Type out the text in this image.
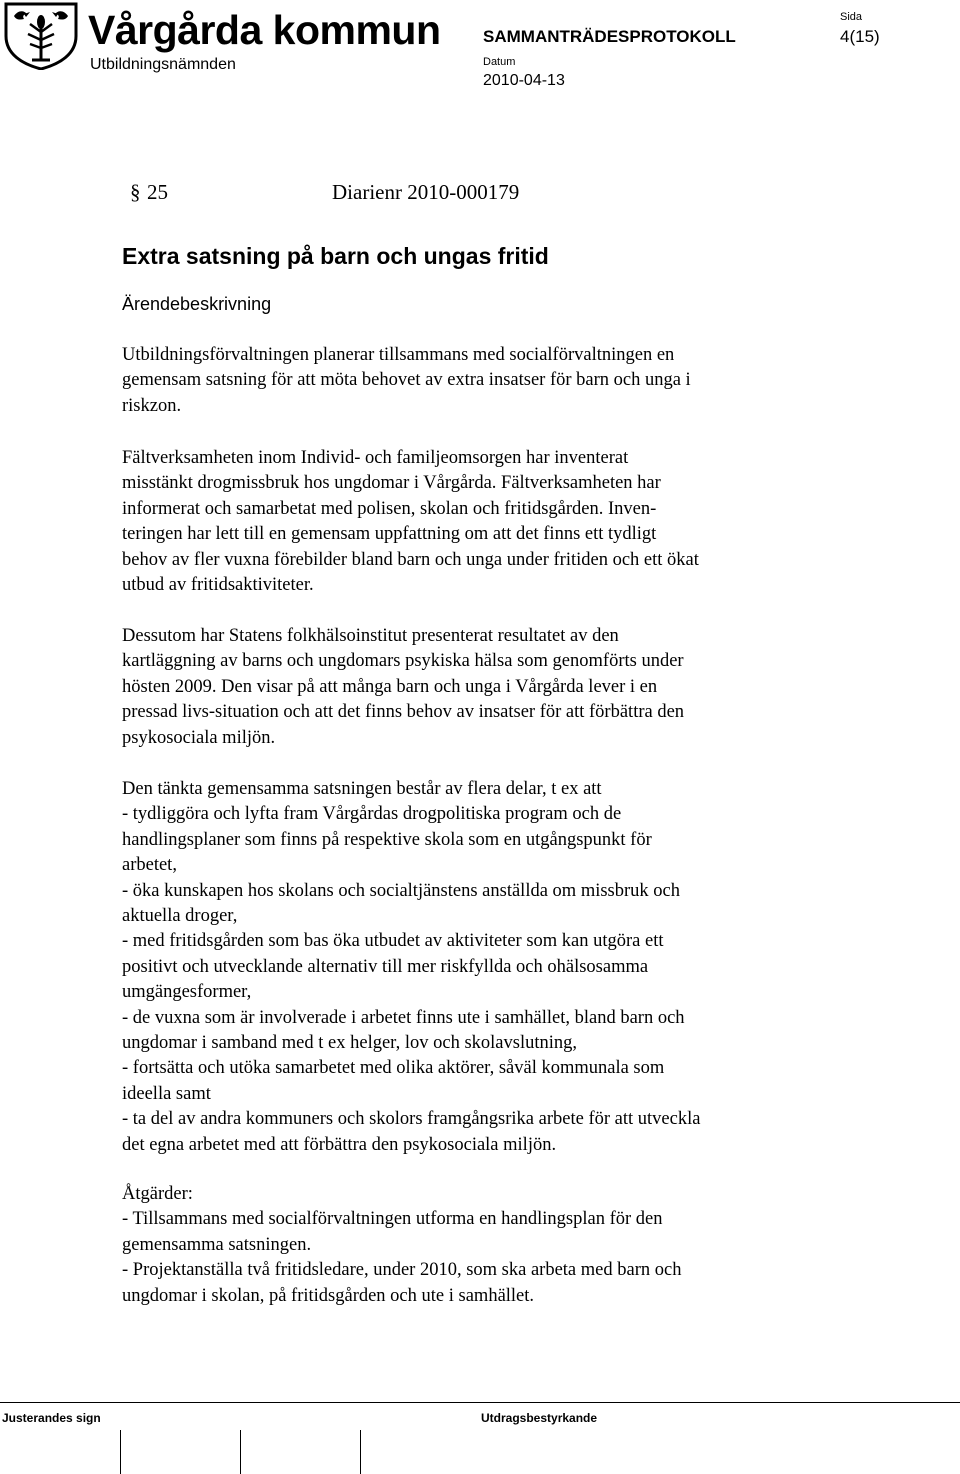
Vårgårda kommun
Utbildningsnämnden
SAMMANTRÄDESPROTOKOLL
Datum
2010-04-13
Sida
4(15)
§ 25	Diarienr 2010-000179
Extra satsning på barn och ungas fritid
Ärendebeskrivning
Utbildningsförvaltningen planerar tillsammans med socialförvaltningen en
gemensam satsning för att möta behovet av extra insatser för barn och unga i
riskzon.
Fältverksamheten inom Individ- och familjeomsorgen har inventerat
misstänkt drogmissbruk hos ungdomar i Vårgårda. Fältverksamheten har
informerat och samarbetat med polisen, skolan och fritidsgården. Inven-
teringen har lett till en gemensam uppfattning om att det finns ett tydligt
behov av fler vuxna förebilder bland barn och unga under fritiden och ett ökat
utbud av fritidsaktiviteter.
Dessutom har Statens folkhälsoinstitut presenterat resultatet av den
kartläggning av barns och ungdomars psykiska hälsa som genomförts under
hösten 2009. Den visar på att många barn och unga i Vårgårda lever i en
pressad livs-situation och att det finns behov av insatser för att förbättra den
psykosociala miljön.
Den tänkta gemensamma satsningen består av flera delar, t ex att
- tydliggöra och lyfta fram Vårgårdas drogpolitiska program och de
handlingsplaner som finns på respektive skola som en utgångspunkt för
arbetet,
- öka kunskapen hos skolans och socialtjänstens anställda om missbruk och
aktuella droger,
- med fritidsgården som bas öka utbudet av aktiviteter som kan utgöra ett
positivt och utvecklande alternativ till mer riskfyllda och ohälsosamma
umgängesformer,
- de vuxna som är involverade i arbetet finns ute i samhället, bland barn och
ungdomar i samband med t ex helger, lov och skolavslutning,
- fortsätta och utöka samarbetet med olika aktörer, såväl kommunala som
ideella samt
- ta del av andra kommuners och skolors framgångsrika arbete för att utveckla
det egna arbetet med att förbättra den psykosociala miljön.
Åtgärder:
- Tillsammans med socialförvaltningen utforma en handlingsplan för den
gemensamma satsningen.
- Projektanställa två fritidsledare, under 2010, som ska arbeta med barn och
ungdomar i skolan, på fritidsgården och ute i samhället.
Justerandes sign	Utdragsbestyrkande
